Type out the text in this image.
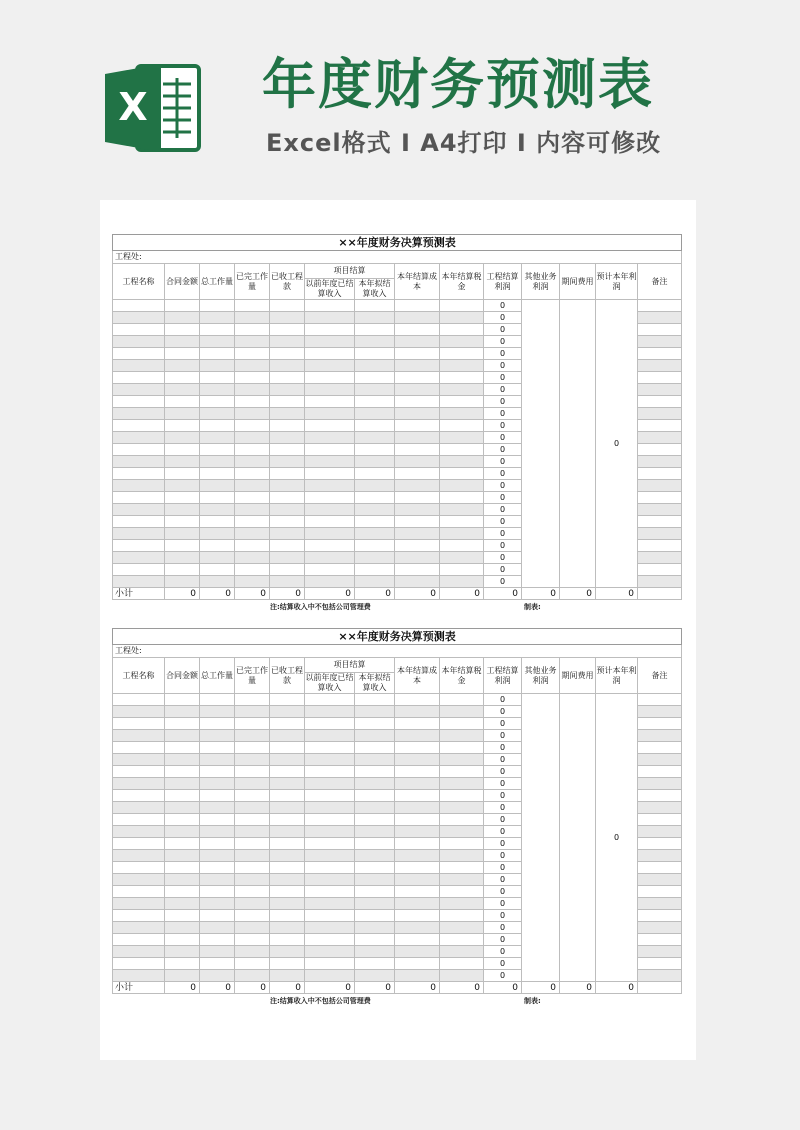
X 年度财务预测表
Excel格式 I A4打印 I 内容可修改
××年度财务决算预测表													
工程处:													
工程名称	合同金额	总工作量	已完工作量	已收工程款	项目结算		本年结算成本	本年结算税金	工程结算利润	其他业务利润	期间费用	预计本年利润	备注
					以前年度已结算收入	本年拟结算收入							
									0			0	
									0				
									0				
									0				
									0				
									0				
									0				
									0				
									0				
									0				
									0				
									0				
									0				
									0				
									0				
									0				
									0				
									0				
									0				
									0				
									0				
									0				
									0				
									0				
小计	0	0	0	0	0	0	0	0	0	0	0	0	
注:结算收入中不包括公司管理费	制表:
××年度财务决算预测表													
工程处:													
工程名称	合同金额	总工作量	已完工作量	已收工程款	项目结算		本年结算成本	本年结算税金	工程结算利润	其他业务利润	期间费用	预计本年利润	备注
					以前年度已结算收入	本年拟结算收入							
									0			0	
									0				
									0				
									0				
									0				
									0				
									0				
									0				
									0				
									0				
									0				
									0				
									0				
									0				
									0				
									0				
									0				
									0				
									0				
									0				
									0				
									0				
									0				
									0				
小计	0	0	0	0	0	0	0	0	0	0	0	0	
注:结算收入中不包括公司管理费	制表:
